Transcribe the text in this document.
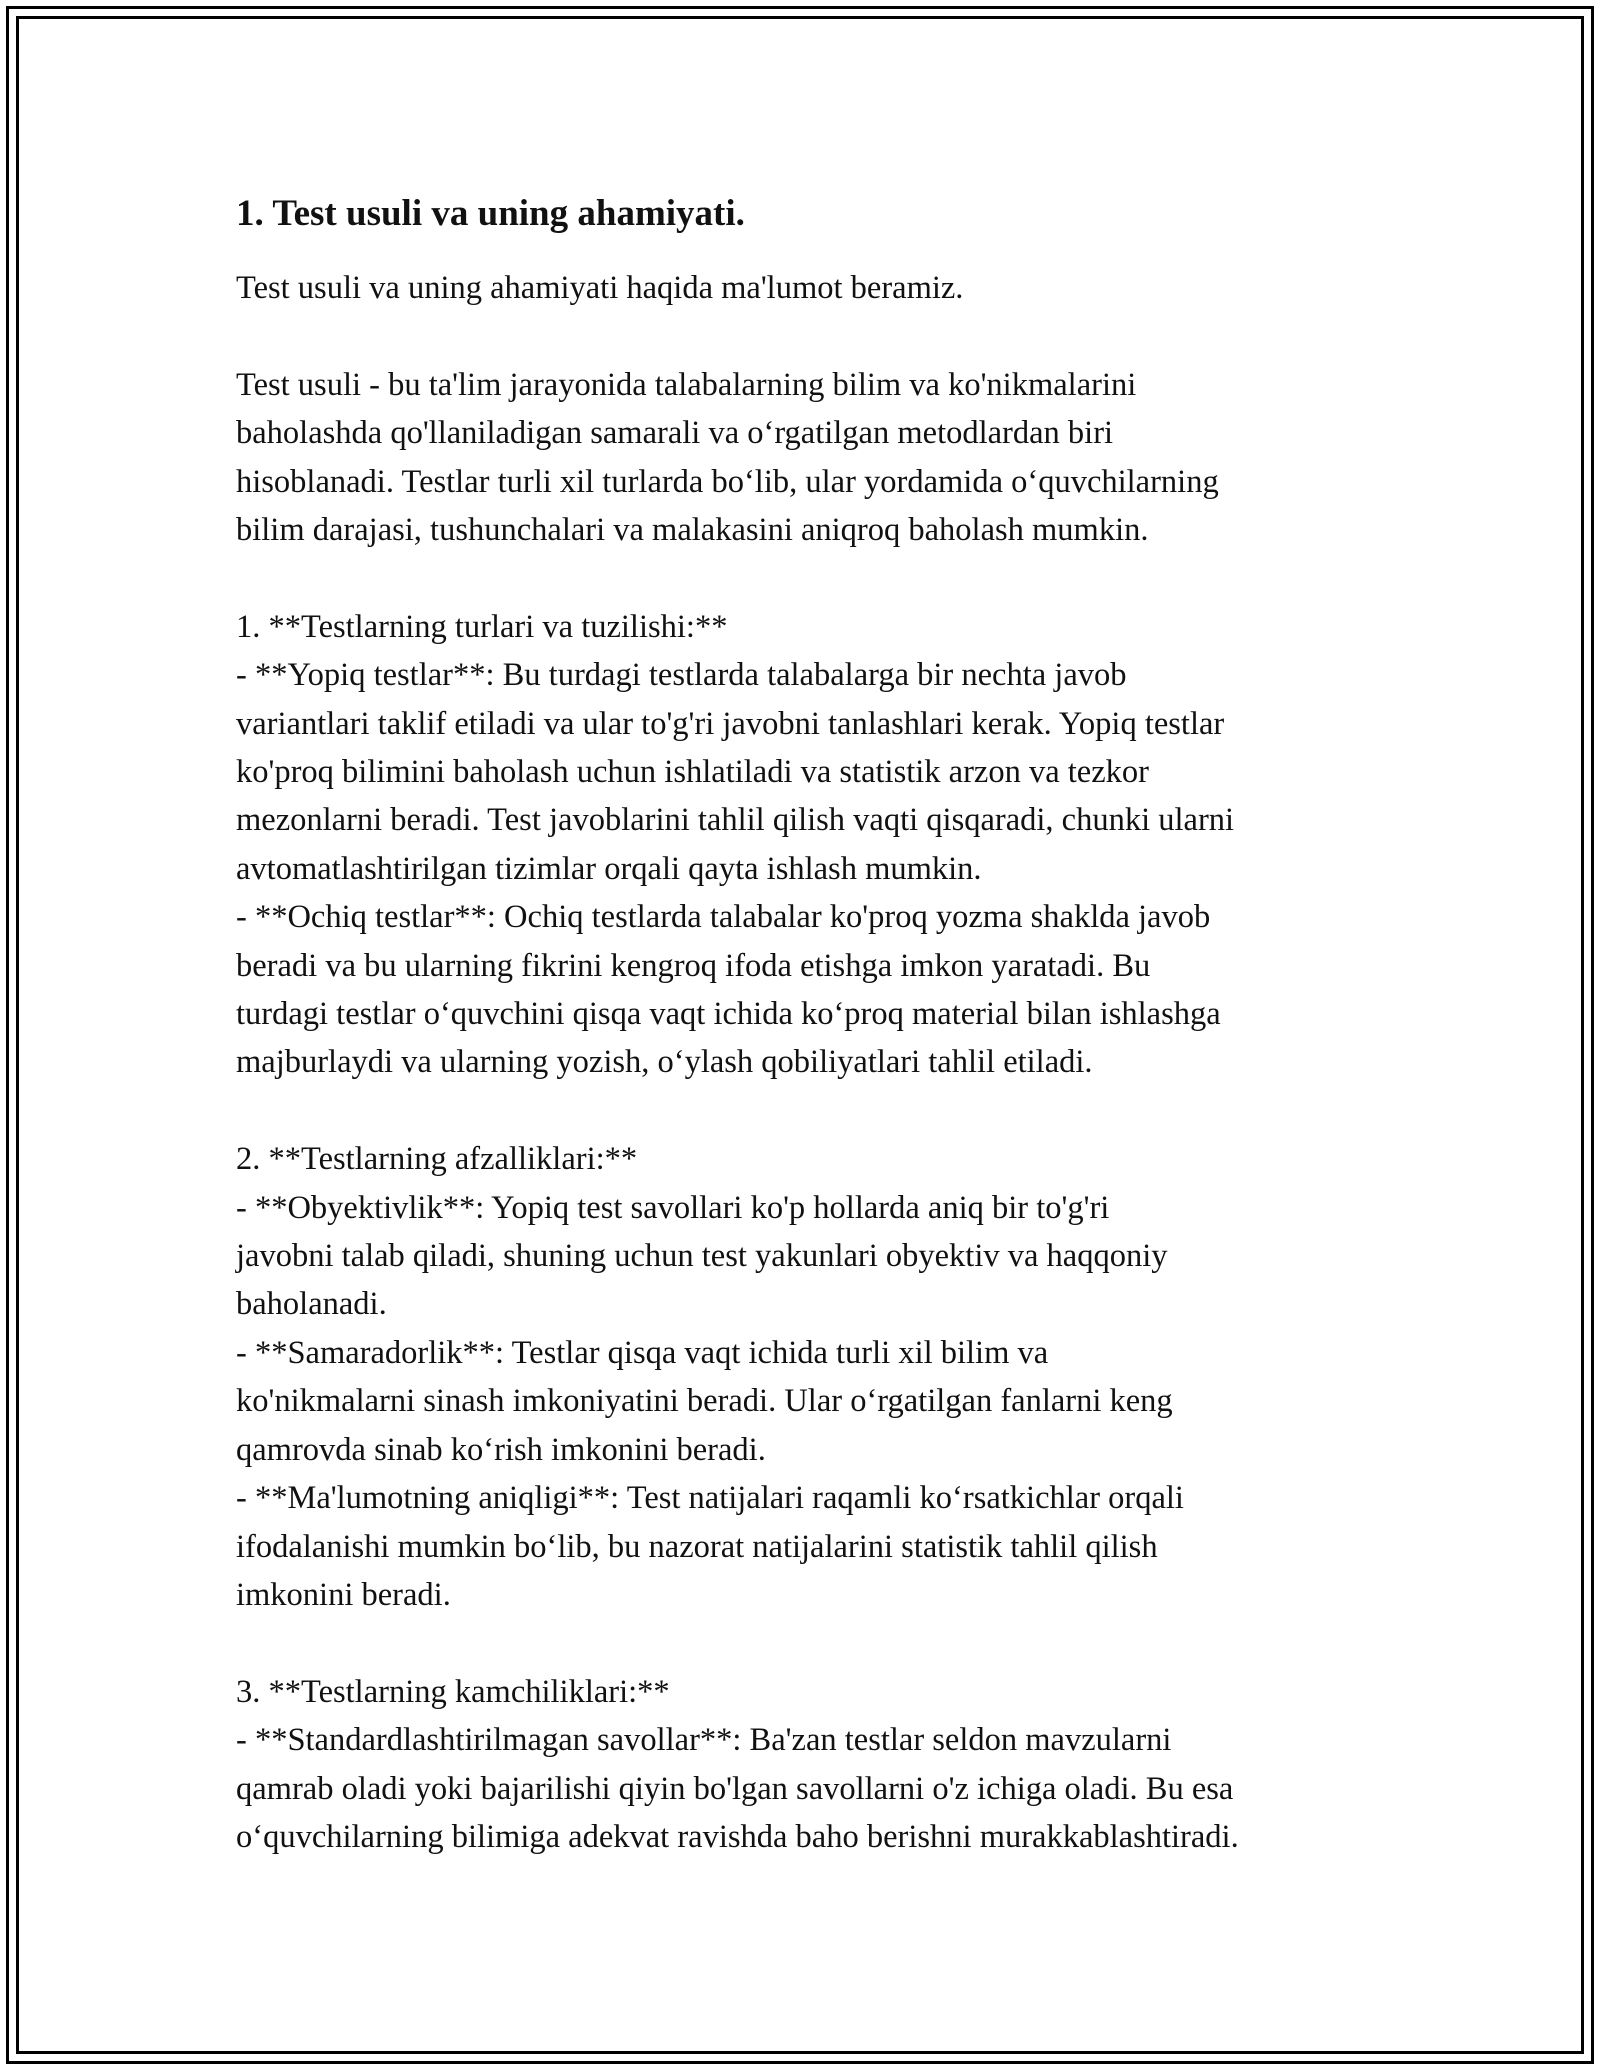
1. Test usuli va uning ahamiyati.

Test usuli va uning ahamiyati haqida ma'lumot beramiz.

Test usuli - bu ta'lim jarayonida talabalarning bilim va ko'nikmalarini
baholashda qo'llaniladigan samarali va o‘rgatilgan metodlardan biri
hisoblanadi. Testlar turli xil turlarda bo‘lib, ular yordamida o‘quvchilarning
bilim darajasi, tushunchalari va malakasini aniqroq baholash mumkin.

1. **Testlarning turlari va tuzilishi:**
- **Yopiq testlar**: Bu turdagi testlarda talabalarga bir nechta javob
variantlari taklif etiladi va ular to'g'ri javobni tanlashlari kerak. Yopiq testlar
ko'proq bilimini baholash uchun ishlatiladi va statistik arzon va tezkor
mezonlarni beradi. Test javoblarini tahlil qilish vaqti qisqaradi, chunki ularni
avtomatlashtirilgan tizimlar orqali qayta ishlash mumkin.
- **Ochiq testlar**: Ochiq testlarda talabalar ko'proq yozma shaklda javob
beradi va bu ularning fikrini kengroq ifoda etishga imkon yaratadi. Bu
turdagi testlar o‘quvchini qisqa vaqt ichida ko‘proq material bilan ishlashga
majburlaydi va ularning yozish, o‘ylash qobiliyatlari tahlil etiladi.

2. **Testlarning afzalliklari:**
- **Obyektivlik**: Yopiq test savollari ko'p hollarda aniq bir to'g'ri
javobni talab qiladi, shuning uchun test yakunlari obyektiv va haqqoniy
baholanadi.
- **Samaradorlik**: Testlar qisqa vaqt ichida turli xil bilim va
ko'nikmalarni sinash imkoniyatini beradi. Ular o‘rgatilgan fanlarni keng
qamrovda sinab ko‘rish imkonini beradi.
- **Ma'lumotning aniqligi**: Test natijalari raqamli ko‘rsatkichlar orqali
ifodalanishi mumkin bo‘lib, bu nazorat natijalarini statistik tahlil qilish
imkonini beradi.

3. **Testlarning kamchiliklari:**
- **Standardlashtirilmagan savollar**: Ba'zan testlar seldon mavzularni
qamrab oladi yoki bajarilishi qiyin bo'lgan savollarni o'z ichiga oladi. Bu esa
o‘quvchilarning bilimiga adekvat ravishda baho berishni murakkablashtiradi.
